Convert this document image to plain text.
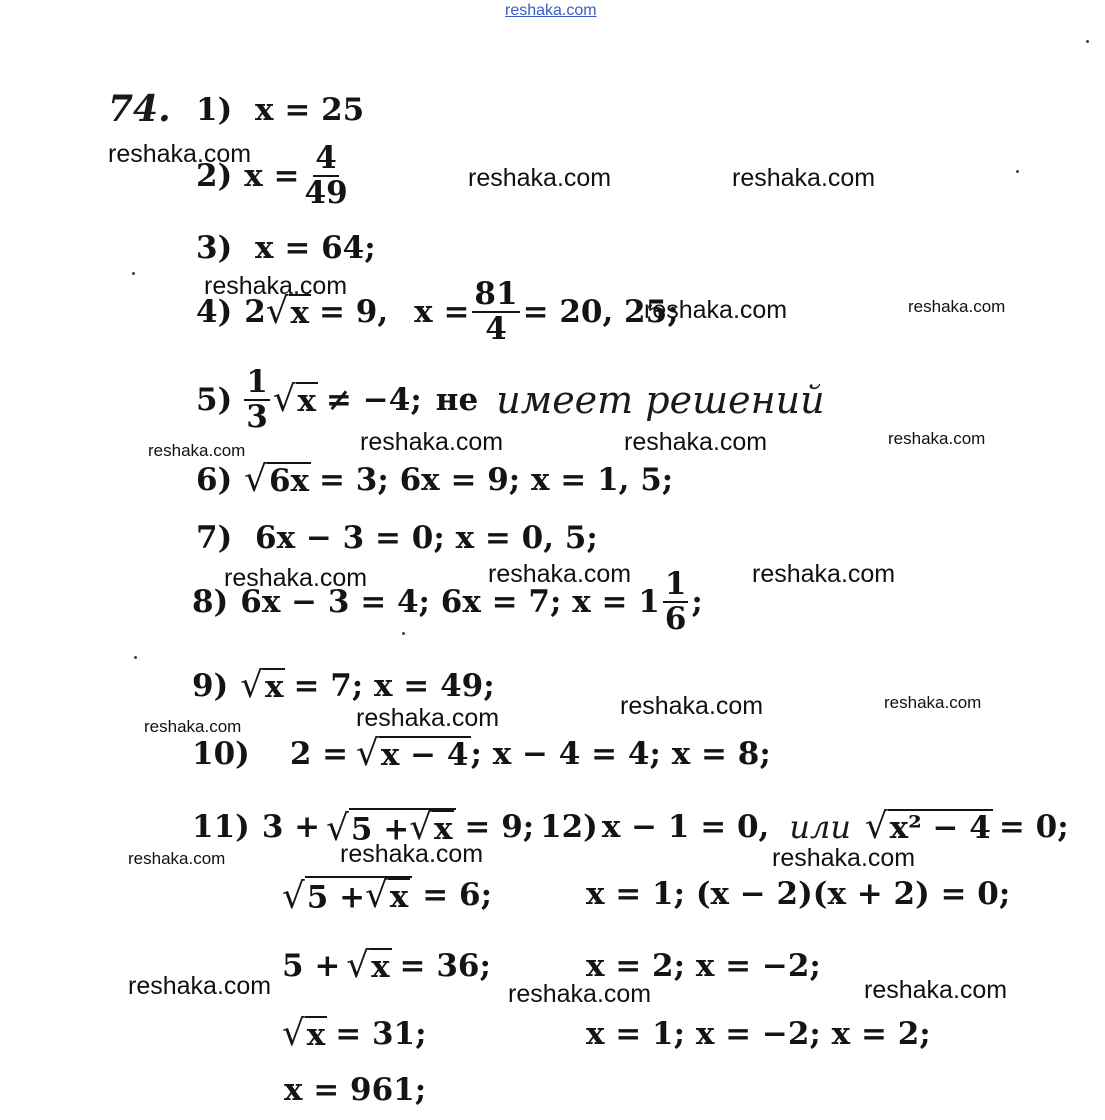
reshaka.com
74. 1) x = 25
2) $x = \frac{4}{49}$
3) x = 64;
4) 2 √ x = 9, $x = \frac{81}{4} = 20$, 25;
$5) \frac{1}{3}$ √ x ≠ −4; не имеет решений
6) √ 6x = 3; 6x = 9; x = 1, 5;
7) 6x − 3 = 0; x = 0, 5;
8) 6x − 3 = 4; 6x = 7; $x = 1 \frac{1}{6}$ ;
9) √ x = 7; x = 49;
10) 2 = √ x − 4 ; x − 4 = 4; x = 8;
11) 3 + √ 5 + √ x = 9; 12) x − 1 = 0, или √ x² − 4 = 0;
√ 5 + √ x = 6;
5 + √ x = 36;
√ x = 31;
x = 961;
x = 1; (x − 2)(x + 2) = 0;
x = 2; x = −2;
x = 1; x = −2; x = 2;
reshaka.com
reshaka.com	reshaka.com
reshaka.com
reshaka.com	reshaka.com
reshaka.com	reshaka.com	reshaka.com	reshaka.com
reshaka.com	reshaka.com	reshaka.com
reshaka.com	reshaka.com
reshaka.com	reshaka.com
reshaka.com	reshaka.com	reshaka.com
reshaka.com	reshaka.com	reshaka.com
